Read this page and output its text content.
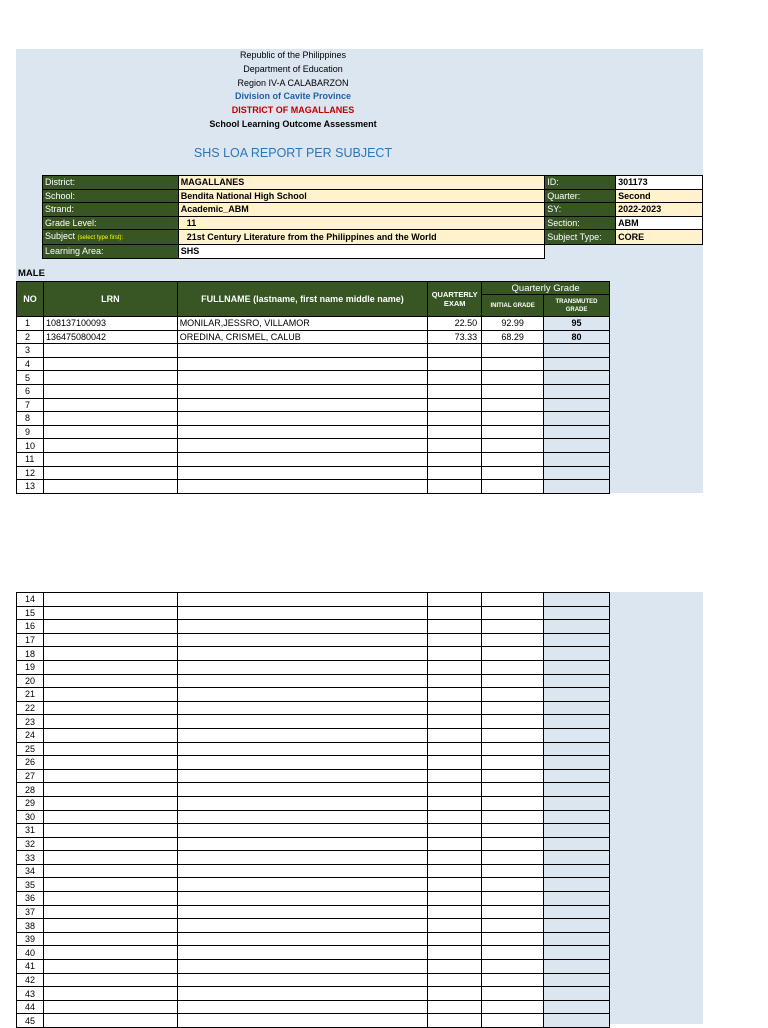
Republic of the Philippines
Department of Education
Region IV-A CALABARZON
Division of Cavite Province
DISTRICT OF MAGALLANES
School Learning Outcome Assessment
SHS LOA REPORT PER SUBJECT
District:	MAGALLANES	ID:	301173
School:	Bendita National High School	Quarter:	Second
Strand:	Academic_ABM	SY:	2022-2023
Grade Level:	11	Section:	ABM
Subject (select type first):	21st Century Literature from the Philippines and the World	Subject Type:	CORE
Learning Area:	SHS		
MALE
NO	LRN	FULLNAME (lastname, first name middle name)	QUARTERLY EXAM	Quarterly Grade	
				INITIAL GRADE	TRANSMUTED GRADE
1	108137100093	MONILAR,JESSRO, VILLAMOR	22.50	92.99	95
2	136475080042	OREDINA, CRISMEL, CALUB	73.33	68.29	80
3					
4					
5					
6					
7					
8					
9					
10					
11					
12					
13					
14					
15					
16					
17					
18					
19					
20					
21					
22					
23					
24					
25					
26					
27					
28					
29					
30					
31					
32					
33					
34					
35					
36					
37					
38					
39					
40					
41					
42					
43					
44					
45					
